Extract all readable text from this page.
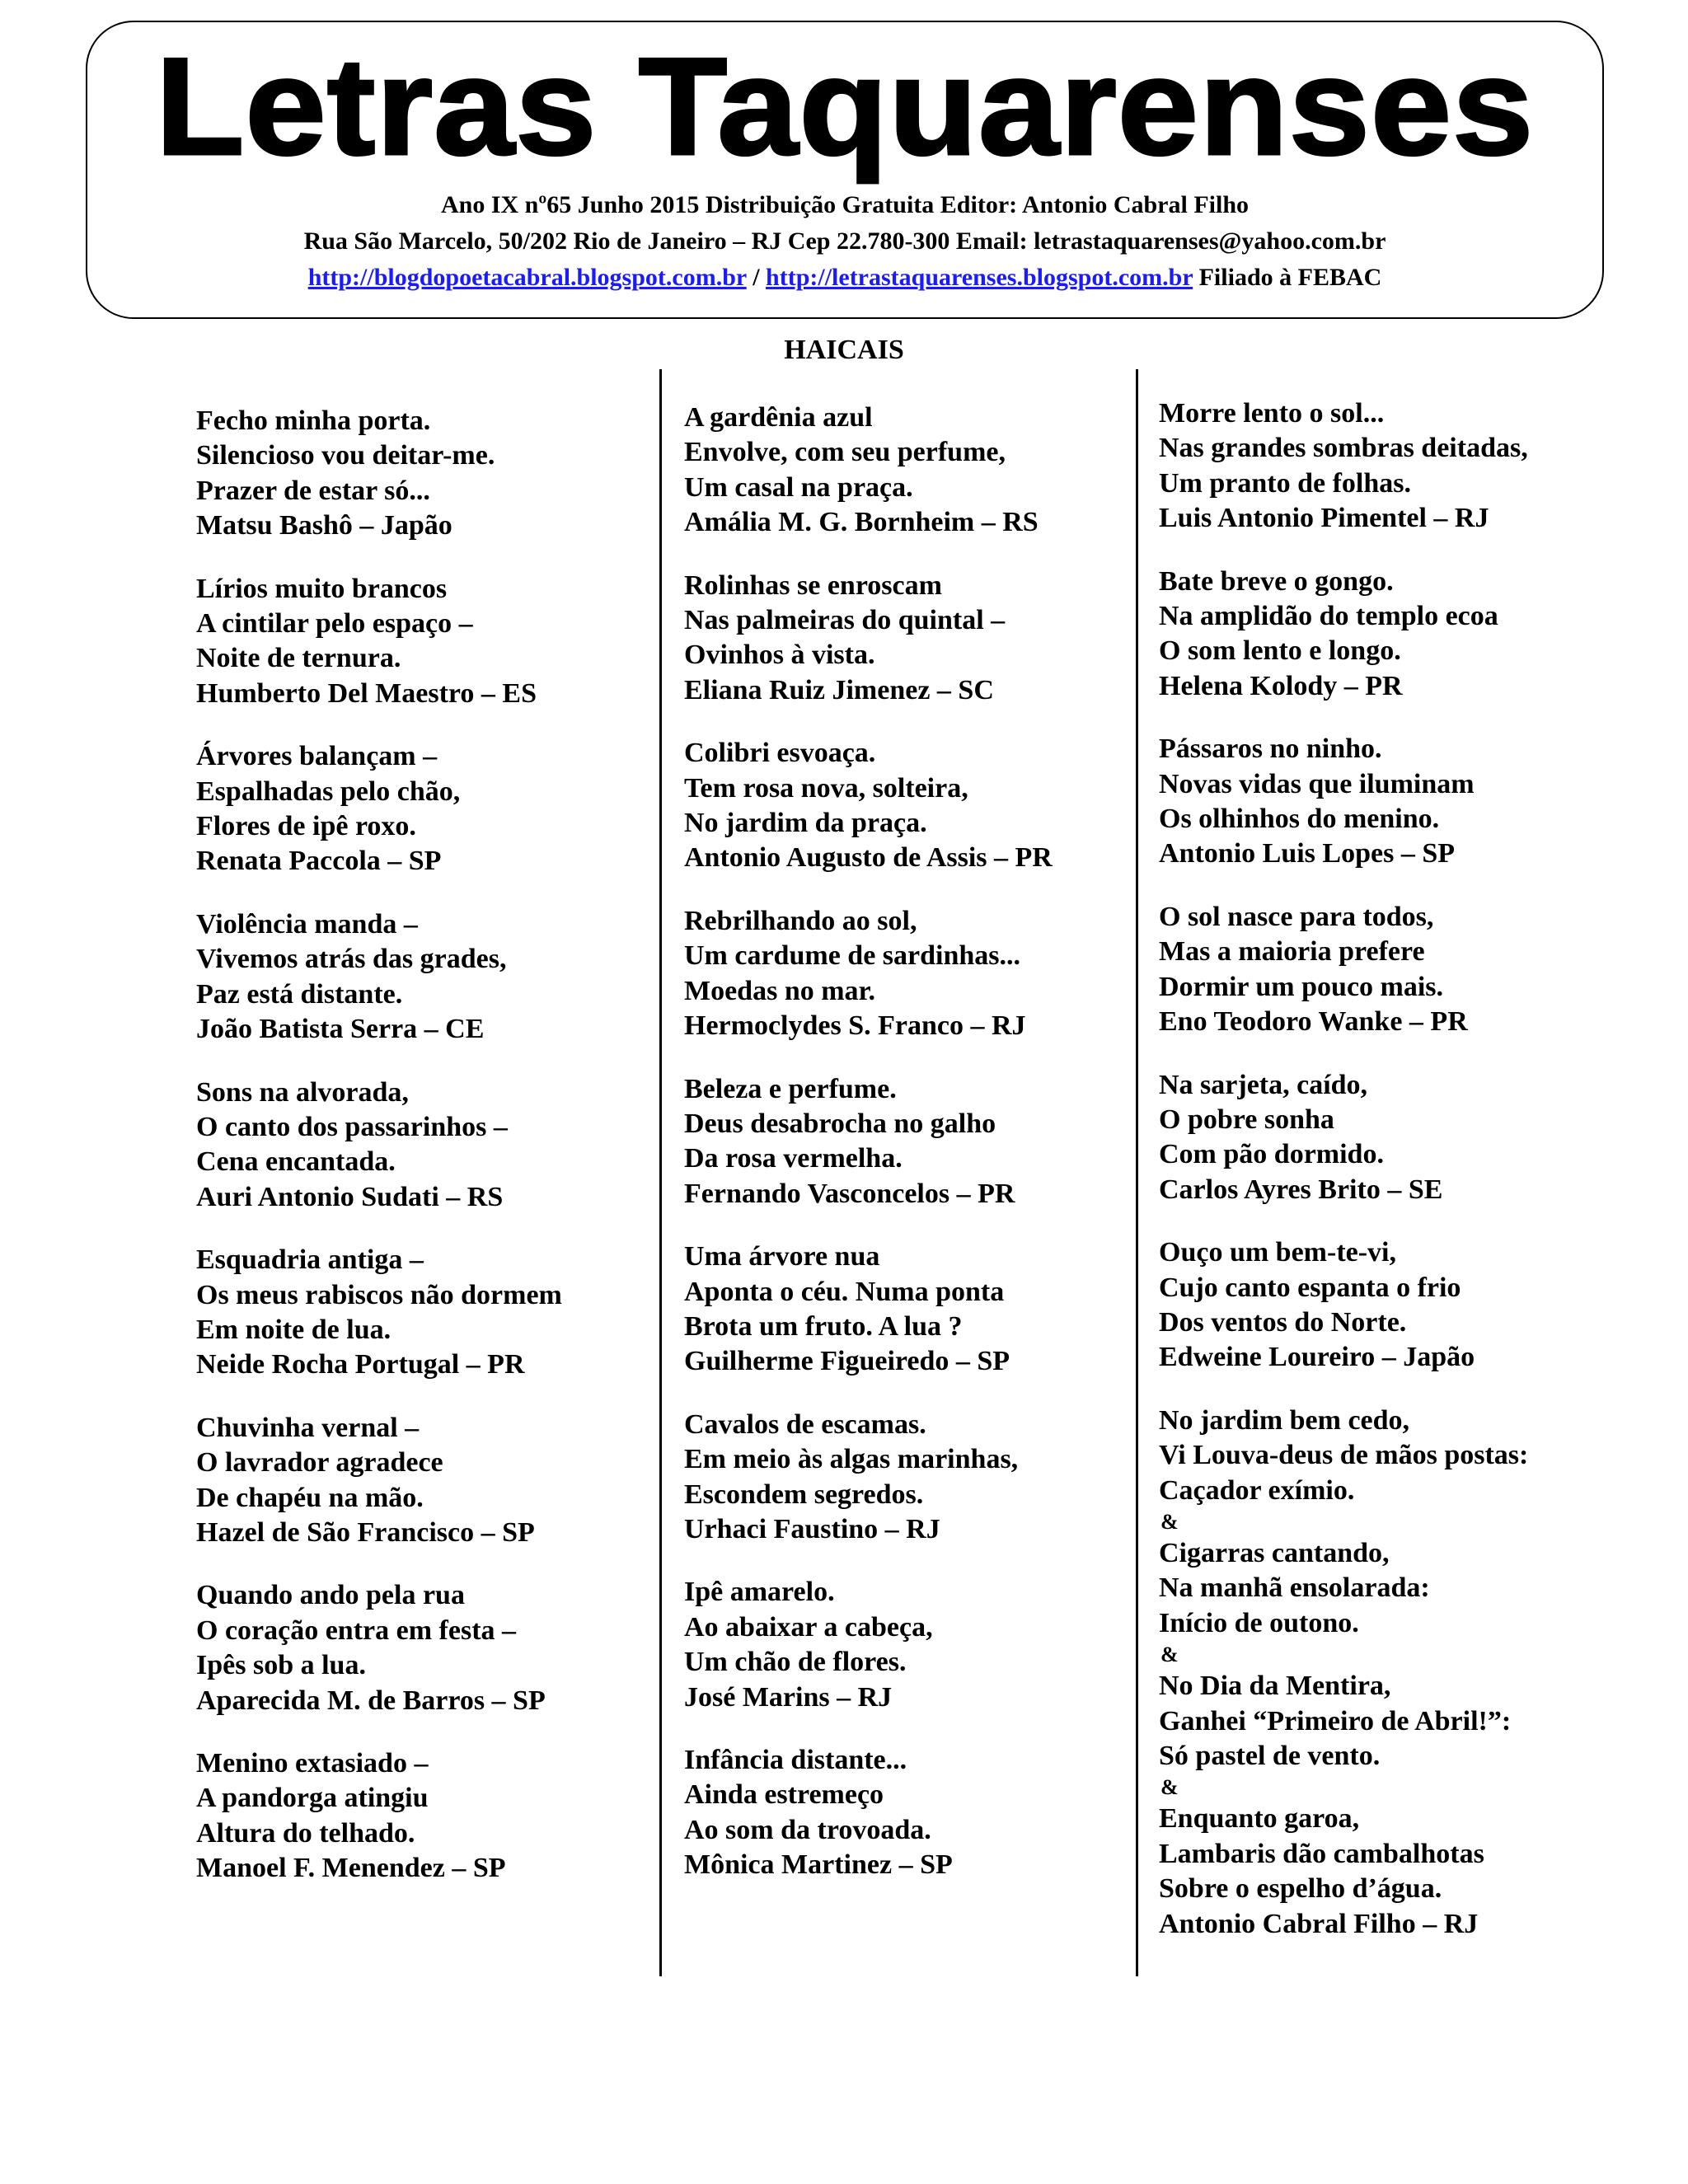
Letras Taquarenses
Ano IX nº65 Junho 2015 Distribuição Gratuita Editor: Antonio Cabral Filho
Rua São Marcelo, 50/202 Rio de Janeiro – RJ Cep 22.780-300 Email: letrastaquarenses@yahoo.com.br
http://blogdopoetacabral.blogspot.com.br / http://letrastaquarenses.blogspot.com.br Filiado à FEBAC
HAICAIS
Fecho minha porta.
Silencioso vou deitar-me.
Prazer de estar só...
Matsu Bashô – Japão
Lírios muito brancos
A cintilar pelo espaço –
Noite de ternura.
Humberto Del Maestro – ES
Árvores balançam –
Espalhadas pelo chão,
Flores de ipê roxo.
Renata Paccola – SP
Violência manda –
Vivemos atrás das grades,
Paz está distante.
João Batista Serra – CE
Sons na alvorada,
O canto dos passarinhos –
Cena encantada.
Auri Antonio Sudati – RS
Esquadria antiga –
Os meus rabiscos não dormem
Em noite de lua.
Neide Rocha Portugal – PR
Chuvinha vernal –
O lavrador agradece
De chapéu na mão.
Hazel de São Francisco – SP
Quando ando pela rua
O coração entra em festa –
Ipês sob a lua.
Aparecida M. de Barros – SP
Menino extasiado –
A pandorga atingiu
Altura do telhado.
Manoel F. Menendez – SP
A gardênia azul
Envolve, com seu perfume,
Um casal na praça.
Amália M. G. Bornheim – RS
Rolinhas se enroscam
Nas palmeiras do quintal –
Ovinhos à vista.
Eliana Ruiz Jimenez – SC
Colibri esvoaça.
Tem rosa nova, solteira,
No jardim da praça.
Antonio Augusto de Assis – PR
Rebrilhando ao sol,
Um cardume de sardinhas...
Moedas no mar.
Hermoclydes S. Franco – RJ
Beleza e perfume.
Deus desabrocha no galho
Da rosa vermelha.
Fernando Vasconcelos – PR
Uma árvore nua
Aponta o céu. Numa ponta
Brota um fruto. A lua ?
Guilherme Figueiredo – SP
Cavalos de escamas.
Em meio às algas marinhas,
Escondem segredos.
Urhaci Faustino – RJ
Ipê amarelo.
Ao abaixar a cabeça,
Um chão de flores.
José Marins – RJ
Infância distante...
Ainda estremeço
Ao som da trovoada.
Mônica Martinez – SP
Morre lento o sol...
Nas grandes sombras deitadas,
Um pranto de folhas.
Luis Antonio Pimentel – RJ
Bate breve o gongo.
Na amplidão do templo ecoa
O som lento e longo.
Helena Kolody – PR
Pássaros no ninho.
Novas vidas que iluminam
Os olhinhos do menino.
Antonio Luis Lopes – SP
O sol nasce para todos,
Mas a maioria prefere
Dormir um pouco mais.
Eno Teodoro Wanke – PR
Na sarjeta, caído,
O pobre sonha
Com pão dormido.
Carlos Ayres Brito – SE
Ouço um bem-te-vi,
Cujo canto espanta o frio
Dos ventos do Norte.
Edweine Loureiro – Japão
No jardim bem cedo,
Vi Louva-deus de mãos postas:
Caçador exímio.
&
Cigarras cantando,
Na manhã ensolarada:
Início de outono.
&
No Dia da Mentira,
Ganhei “Primeiro de Abril!”:
Só pastel de vento.
&
Enquanto garoa,
Lambaris dão cambalhotas
Sobre o espelho d’água.
Antonio Cabral Filho – RJ
